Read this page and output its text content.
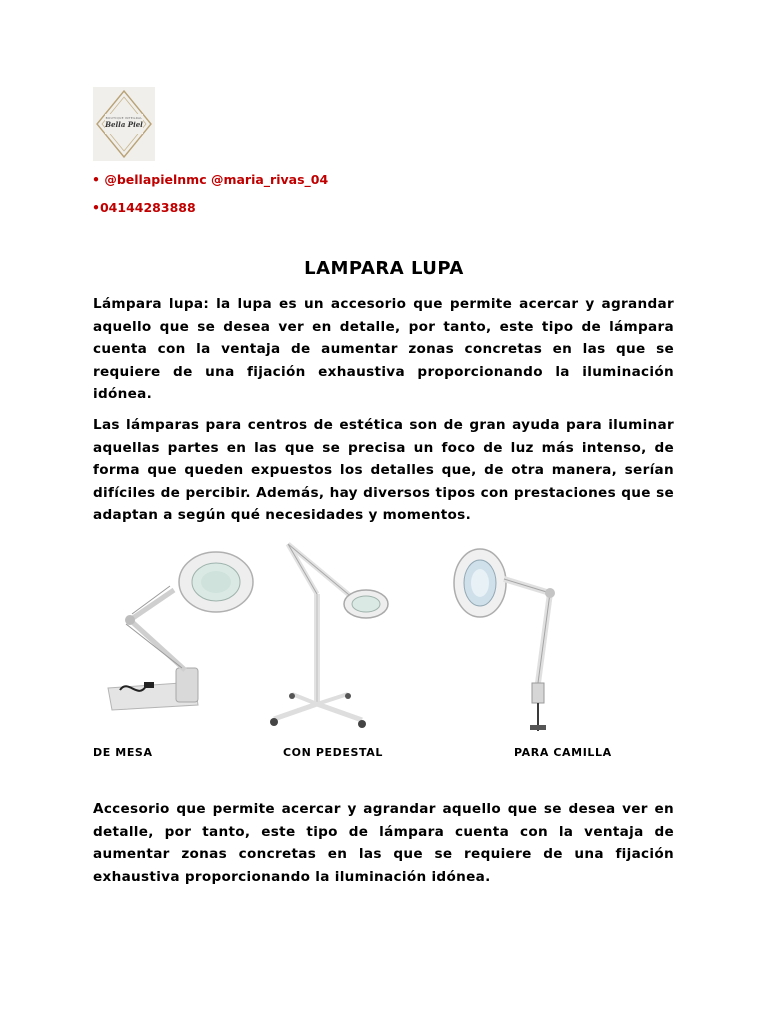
BOUTIQUE INTEGRAL
Bella Piel
• @bellapielnmc @maria_rivas_04
•04144283888
LAMPARA LUPA

Lámpara lupa: la lupa es un accesorio que permite acercar y agrandar aquello que se desea ver en detalle, por tanto, este tipo de lámpara cuenta con la ventaja de aumentar zonas concretas en las que se requiere de una fijación exhaustiva proporcionando la iluminación idónea.

Las lámparas para centros de estética son de gran ayuda para iluminar aquellas partes en las que se precisa un foco de luz más intenso, de forma que queden expuestos los detalles que, de otra manera, serían difíciles de percibir. Además, hay diversos tipos con prestaciones que se adaptan a según qué necesidades y momentos.

DE MESA	CON PEDESTAL	PARA CAMILLA

Accesorio que permite acercar y agrandar aquello que se desea ver en detalle, por tanto, este tipo de lámpara cuenta con la ventaja de aumentar zonas concretas en las que se requiere de una fijación exhaustiva proporcionando la iluminación idónea.
